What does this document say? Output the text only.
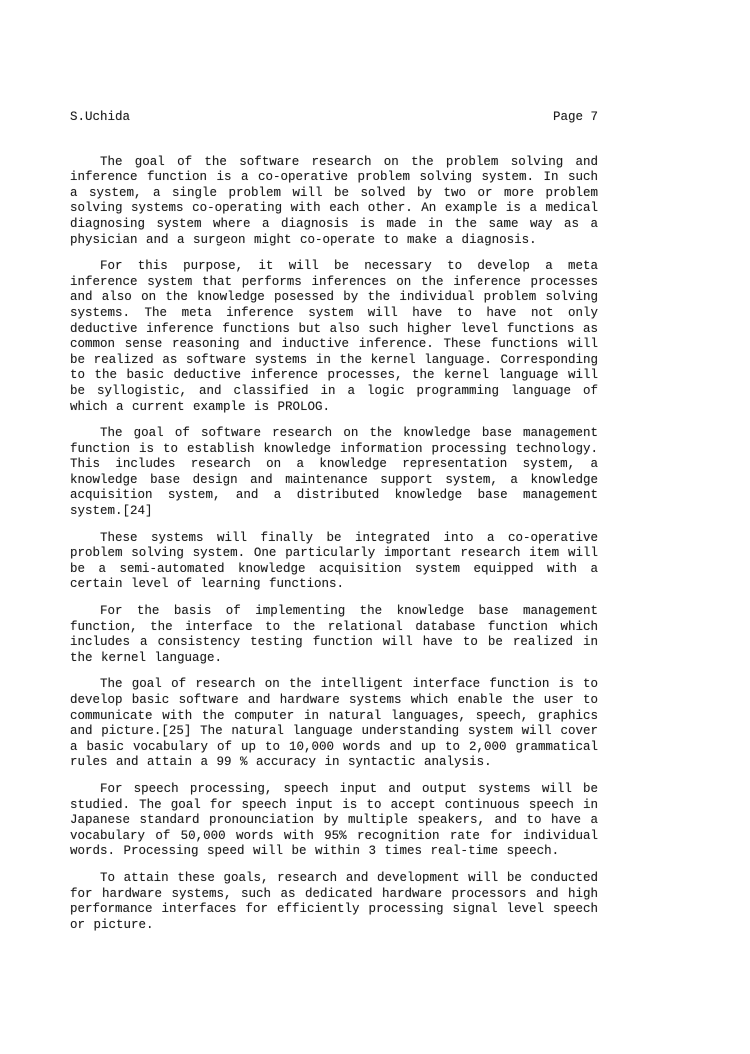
S.Uchida	Page 7

The goal of the software research on the problem solving and inference function is a co-operative problem solving system. In such a system, a single problem will be solved by two or more problem solving systems co-operating with each other. An example is a medical diagnosing system where a diagnosis is made in the same way as a physician and a surgeon might co-operate to make a diagnosis.

For this purpose, it will be necessary to develop a meta inference system that performs inferences on the inference processes and also on the knowledge posessed by the individual problem solving systems. The meta inference system will have to have not only deductive inference functions but also such higher level functions as common sense reasoning and inductive inference. These functions will be realized as software systems in the kernel language. Corresponding to the basic deductive inference processes, the kernel language will be syllogistic, and classified in a logic programming language of which a current example is PROLOG.

The goal of software research on the knowledge base management function is to establish knowledge information processing technology. This includes research on a knowledge representation system, a knowledge base design and maintenance support system, a knowledge acquisition system, and a distributed knowledge base management system.[24]

These systems will finally be integrated into a co-operative problem solving system. One particularly important research item will be a semi-automated knowledge acquisition system equipped with a certain level of learning functions.

For the basis of implementing the knowledge base management function, the interface to the relational database function which includes a consistency testing function will have to be realized in the kernel language.

The goal of research on the intelligent interface function is to develop basic software and hardware systems which enable the user to communicate with the computer in natural languages, speech, graphics and picture.[25] The natural language understanding system will cover a basic vocabulary of up to 10,000 words and up to 2,000 grammatical rules and attain a 99 % accuracy in syntactic analysis.

For speech processing, speech input and output systems will be studied. The goal for speech input is to accept continuous speech in Japanese standard pronounciation by multiple speakers, and to have a vocabulary of 50,000 words with 95% recognition rate for individual words. Processing speed will be within 3 times real-time speech.

To attain these goals, research and development will be conducted for hardware systems, such as dedicated hardware processors and high performance interfaces for efficiently processing signal level speech or picture.
